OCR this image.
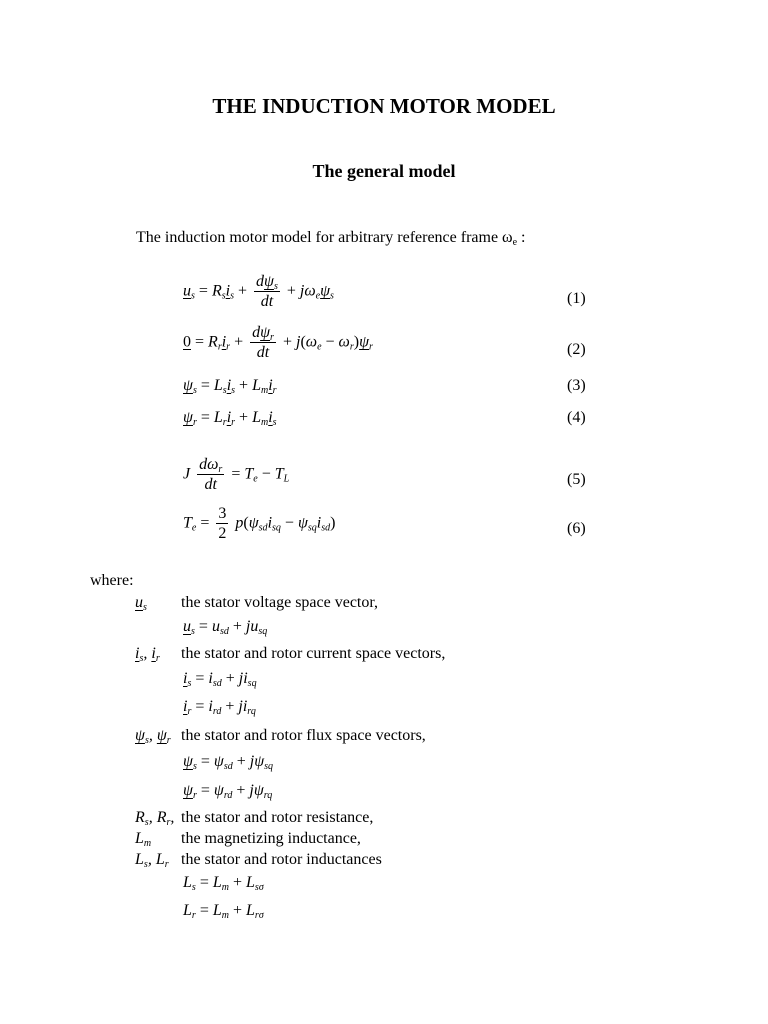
THE INDUCTION MOTOR MODEL
The general model
The induction motor model for arbitrary reference frame $\omega_e$ :
$u_s = R_si_s + \frac{d\psi_s}{dt} + j\omega_e\psi_s$	(1)
$0 = R_ri_r + \frac{d\psi_r}{dt} + j(\omega_e - \omega_r)\psi_r$	(2)
$\psi_s = L_si_s + L_mi_r$	(3)
$\psi_r = L_ri_r + L_mi_s$	(4)
J $\frac{d\omega_r}{dt} = T_e - T_L$	(5)
$T_e = \frac{3}{2} p(\psi_{sd}i_{sq} - \psi_{sq}i_{sd})$	(6)
where:
$u_s$ the stator voltage space vector,
$u_s = u_{sd} + ju_{sq}$
$i_s$, $i_r$ the stator and rotor current space vectors,
$i_s = i_{sd} + ji_{sq}$
$i_r = i_{rd} + ji_{rq}$
$\psi_s$, $\psi_r$ the stator and rotor flux space vectors,
$\psi_s = \psi_{sd} + j\psi_{sq}$
$\psi_r = \psi_{rd} + j\psi_{rq}$
$R_s$, $R_r$, the stator and rotor resistance,
$L_m$ the magnetizing inductance,
$L_s$, $L_r$ the stator and rotor inductances
$L_s = L_m + L_{s\sigma}$
$L_r = L_m + L_{r\sigma}$
